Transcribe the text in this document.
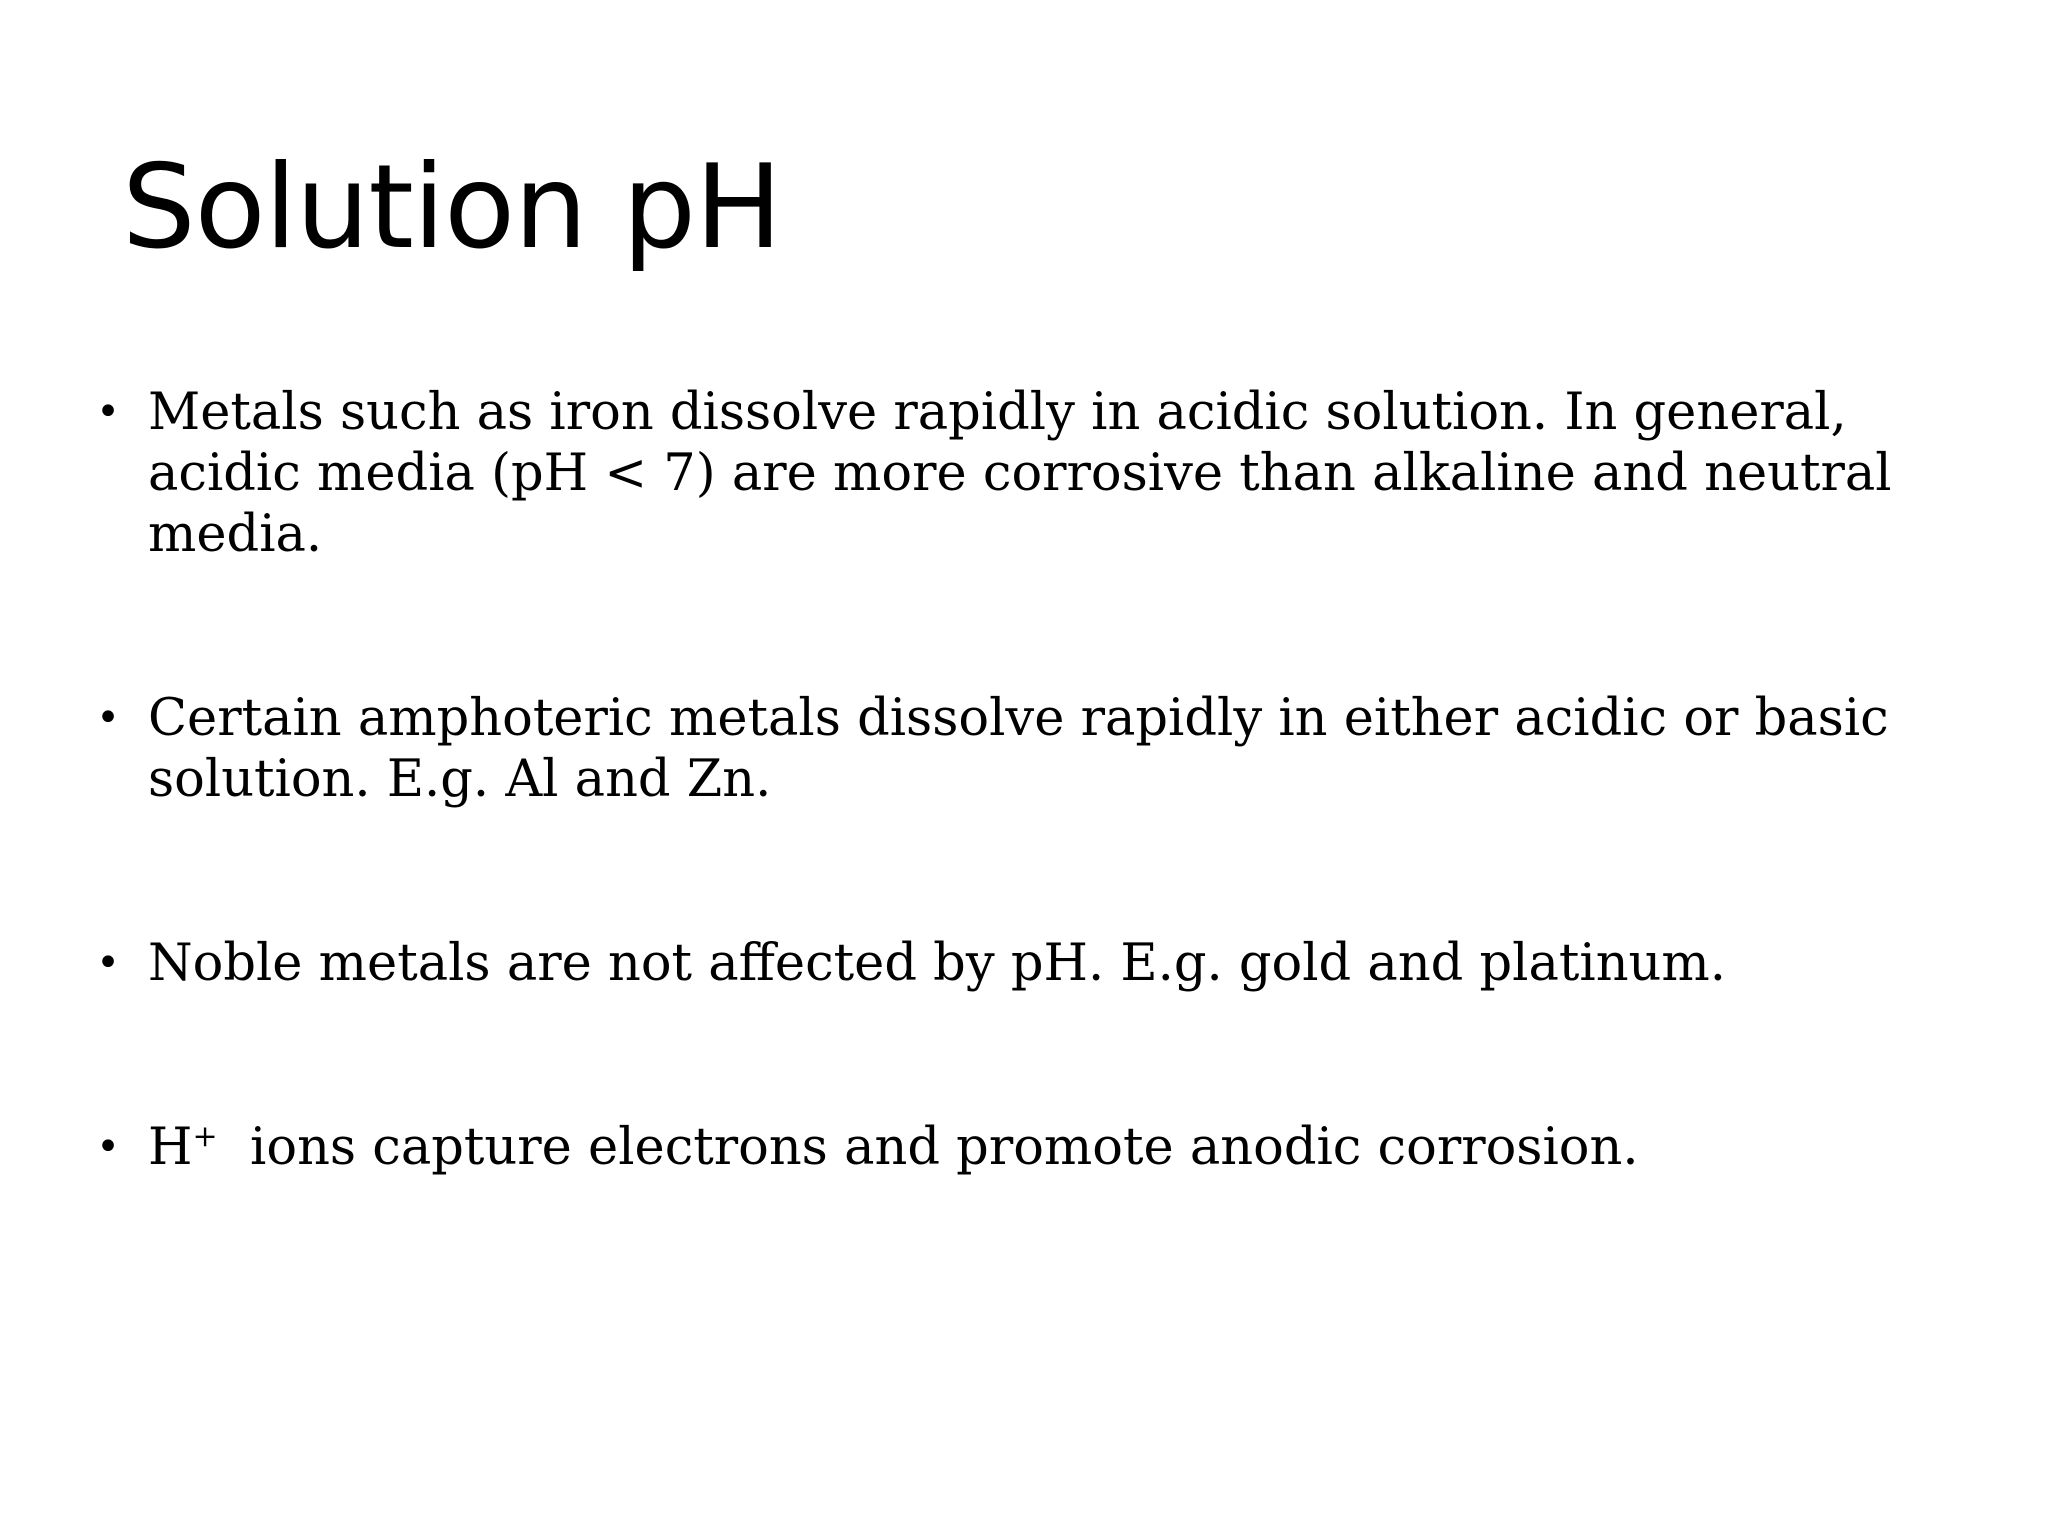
Solution pH
• Metals such as iron dissolve rapidly in acidic solution. In general, acidic media (pH < 7) are more corrosive than alkaline and neutral media.
• Certain amphoteric metals dissolve rapidly in either acidic or basic solution. E.g. Al and Zn.
• Noble metals are not affected by pH. E.g. gold and platinum.
• H+  ions capture electrons and promote anodic corrosion.
